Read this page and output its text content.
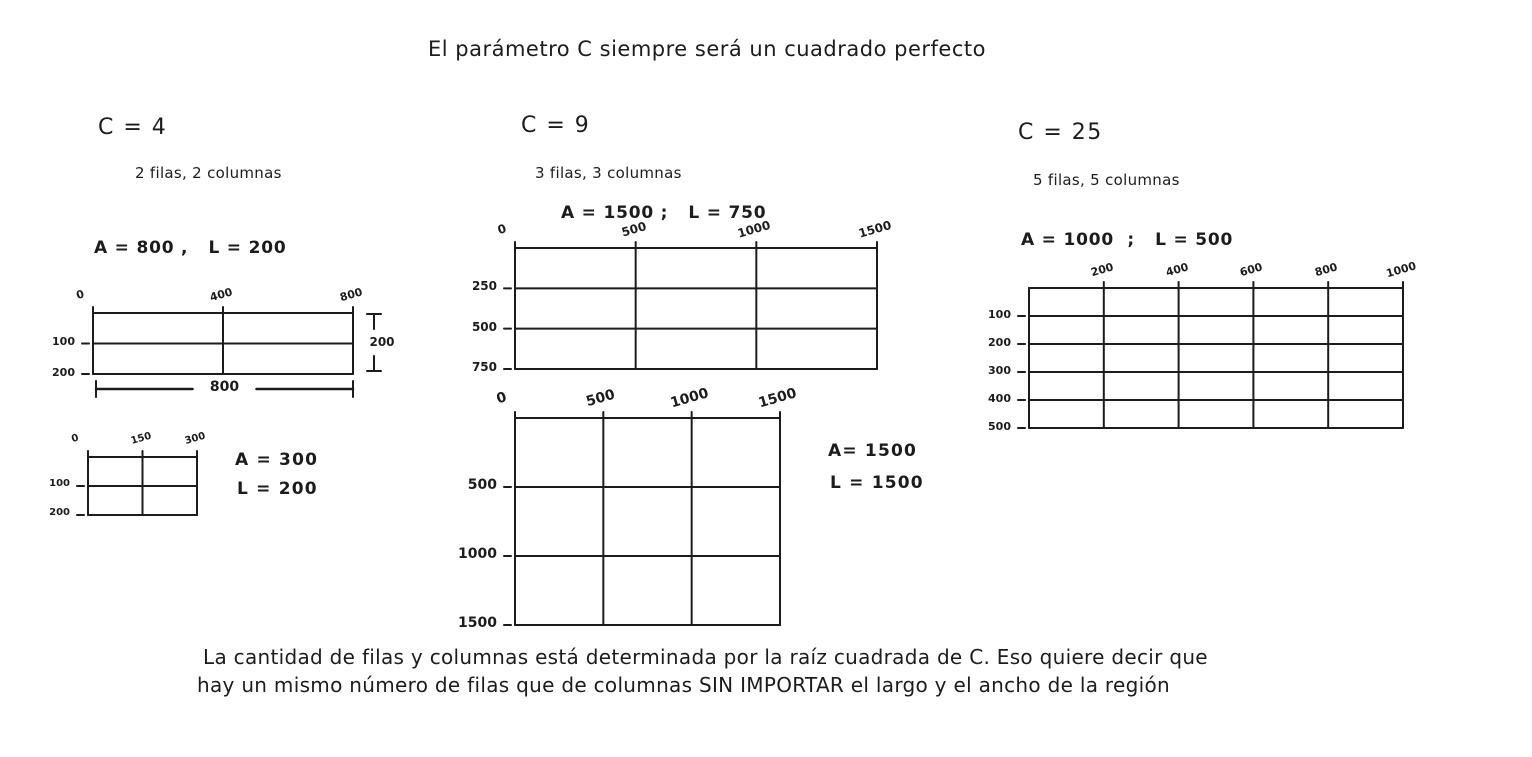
El parámetro C siempre será un cuadrado perfecto
C = 4
2 filas, 2 columnas
A = 800 ,   L = 200
C = 9
3 filas, 3 columnas
A = 1500 ;   L = 750
C = 25
5 filas, 5 columnas
A = 1000  ;   L = 500
La cantidad de filas y columnas está determinada por la raíz cuadrada de C. Eso quiere decir que
hay un mismo número de filas que de columnas SIN IMPORTAR el largo y el ancho de la región
0	400	800
100
200
0	150	300
100
200
0	500	1000	1500
250
500
750
0	500	1000	1500
500
1000
1500
200	400	600	800	1000
100
200
300
400
500
200
800
A = 300
L = 200
A= 1500
L = 1500
